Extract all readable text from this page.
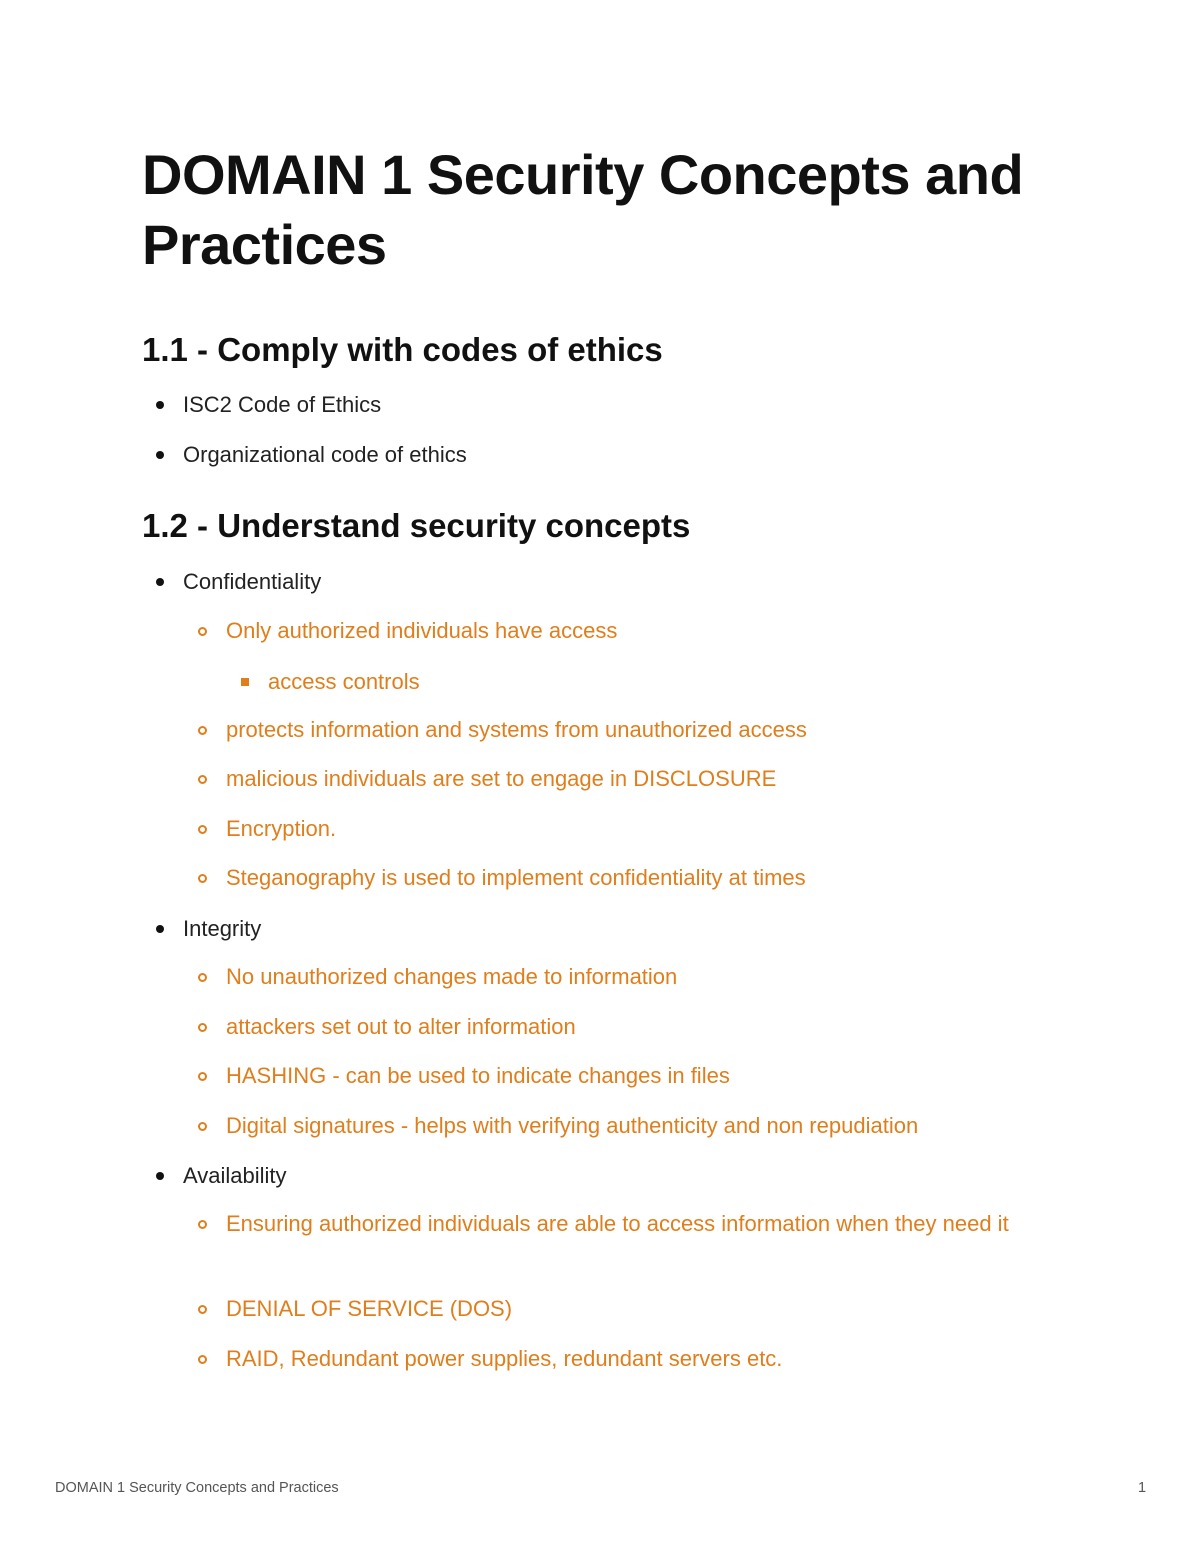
DOMAIN 1 Security Concepts and Practices
1.1 - Comply with codes of ethics

ISC2 Code of Ethics

Organizational code of ethics

1.2 - Understand security concepts

Confidentiality

Only authorized individuals have access

access controls

protects information and systems from unauthorized access

malicious individuals are set to engage in DISCLOSURE

Encryption.

Steganography is used to implement confidentiality at times

Integrity

No unauthorized changes made to information

attackers set out to alter information

HASHING - can be used to indicate changes in files

Digital signatures - helps with verifying authenticity and non repudiation

Availability

Ensuring authorized individuals are able to access information when they need it

DENIAL OF SERVICE (DOS)

RAID, Redundant power supplies, redundant servers etc.

DOMAIN 1 Security Concepts and Practices	1
